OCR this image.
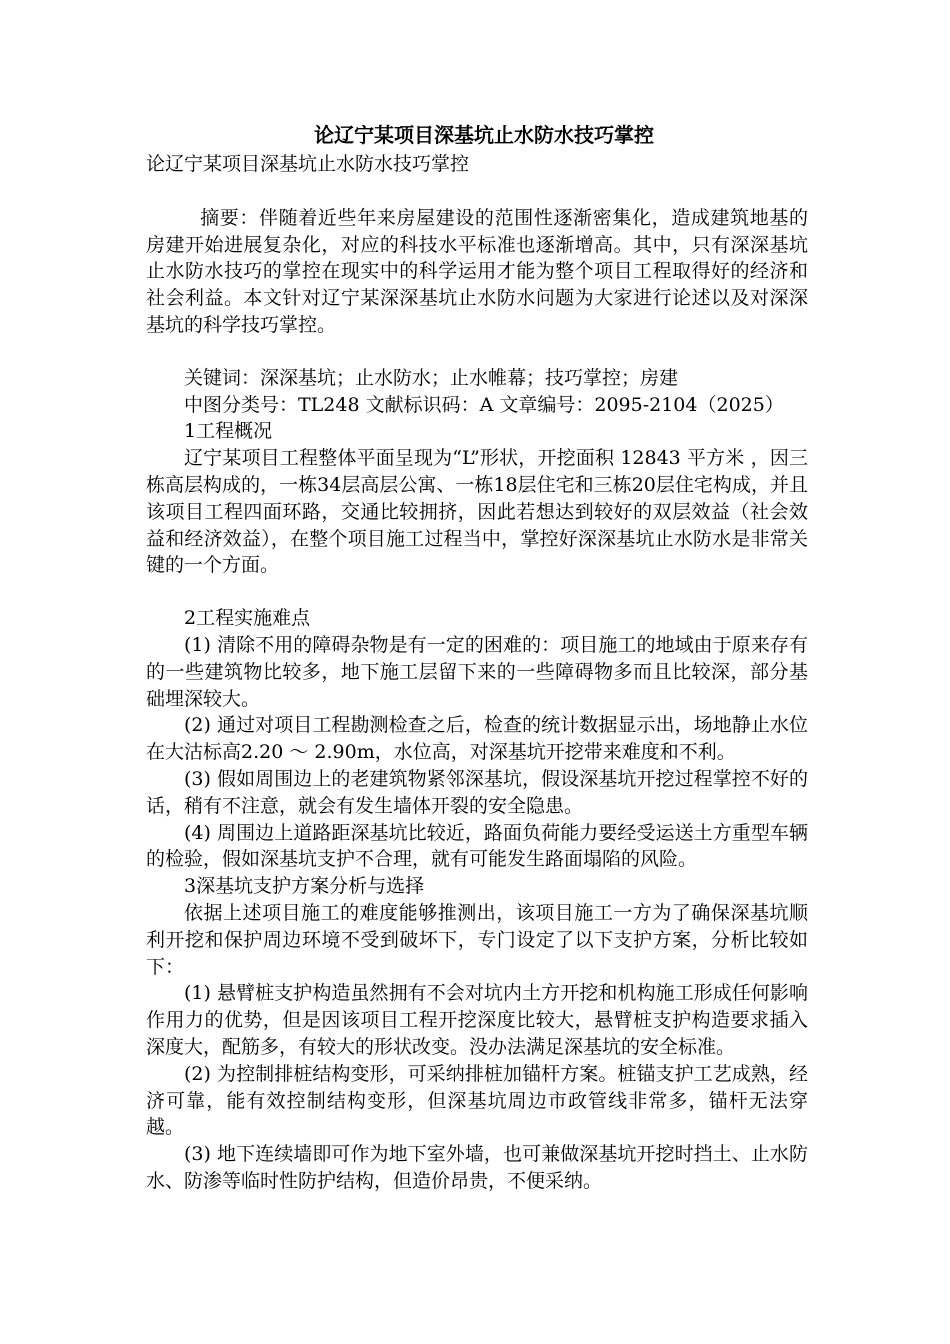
论辽宁某项目深基坑止水防水技巧掌控

论辽宁某项目深基坑止水防水技巧掌控

摘要：伴随着近些年来房屋建设的范围性逐渐密集化，造成建筑地基的房建开始进展复杂化，对应的科技水平标准也逐渐增高。其中，只有深深基坑止水防水技巧的掌控在现实中的科学运用才能为整个项目工程取得好的经济和社会利益。本文针对辽宁某深深基坑止水防水问题为大家进行论述以及对深深基坑的科学技巧掌控。

关键词：深深基坑；止水防水；止水帷幕；技巧掌控；房建

中图分类号：TL248 文献标识码：A 文章编号：2095-2104（2025）

1工程概况

辽宁某项目工程整体平面呈现为“L”形状，开挖面积 12843 平方米 ，因三栋高层构成的，一栋34层高层公寓、一栋18层住宅和三栋20层住宅构成，并且该项目工程四面环路，交通比较拥挤，因此若想达到较好的双层效益（社会效益和经济效益），在整个项目施工过程当中，掌控好深深基坑止水防水是非常关键的一个方面。

2工程实施难点

(1) 清除不用的障碍杂物是有一定的困难的：项目施工的地域由于原来存有的一些建筑物比较多，地下施工层留下来的一些障碍物多而且比较深，部分基础埋深较大。

(2) 通过对项目工程勘测检查之后，检查的统计数据显示出，场地静止水位在大沽标高2.20 ～ 2.90m，水位高，对深基坑开挖带来难度和不利。

(3) 假如周围边上的老建筑物紧邻深基坑，假设深基坑开挖过程掌控不好的话，稍有不注意，就会有发生墙体开裂的安全隐患。

(4) 周围边上道路距深基坑比较近，路面负荷能力要经受运送土方重型车辆的检验，假如深基坑支护不合理，就有可能发生路面塌陷的风险。

3深基坑支护方案分析与选择

依据上述项目施工的难度能够推测出，该项目施工一方为了确保深基坑顺利开挖和保护周边环境不受到破坏下，专门设定了以下支护方案，分析比较如下：

(1) 悬臂桩支护构造虽然拥有不会对坑内土方开挖和机构施工形成任何影响作用力的优势，但是因该项目工程开挖深度比较大，悬臂桩支护构造要求插入深度大，配筋多，有较大的形状改变。没办法满足深基坑的安全标准。

(2) 为控制排桩结构变形，可采纳排桩加锚杆方案。桩锚支护工艺成熟，经济可靠，能有效控制结构变形，但深基坑周边市政管线非常多，锚杆无法穿越。

(3) 地下连续墙即可作为地下室外墙，也可兼做深基坑开挖时挡土、止水防水、防渗等临时性防护结构，但造价昂贵，不便采纳。
